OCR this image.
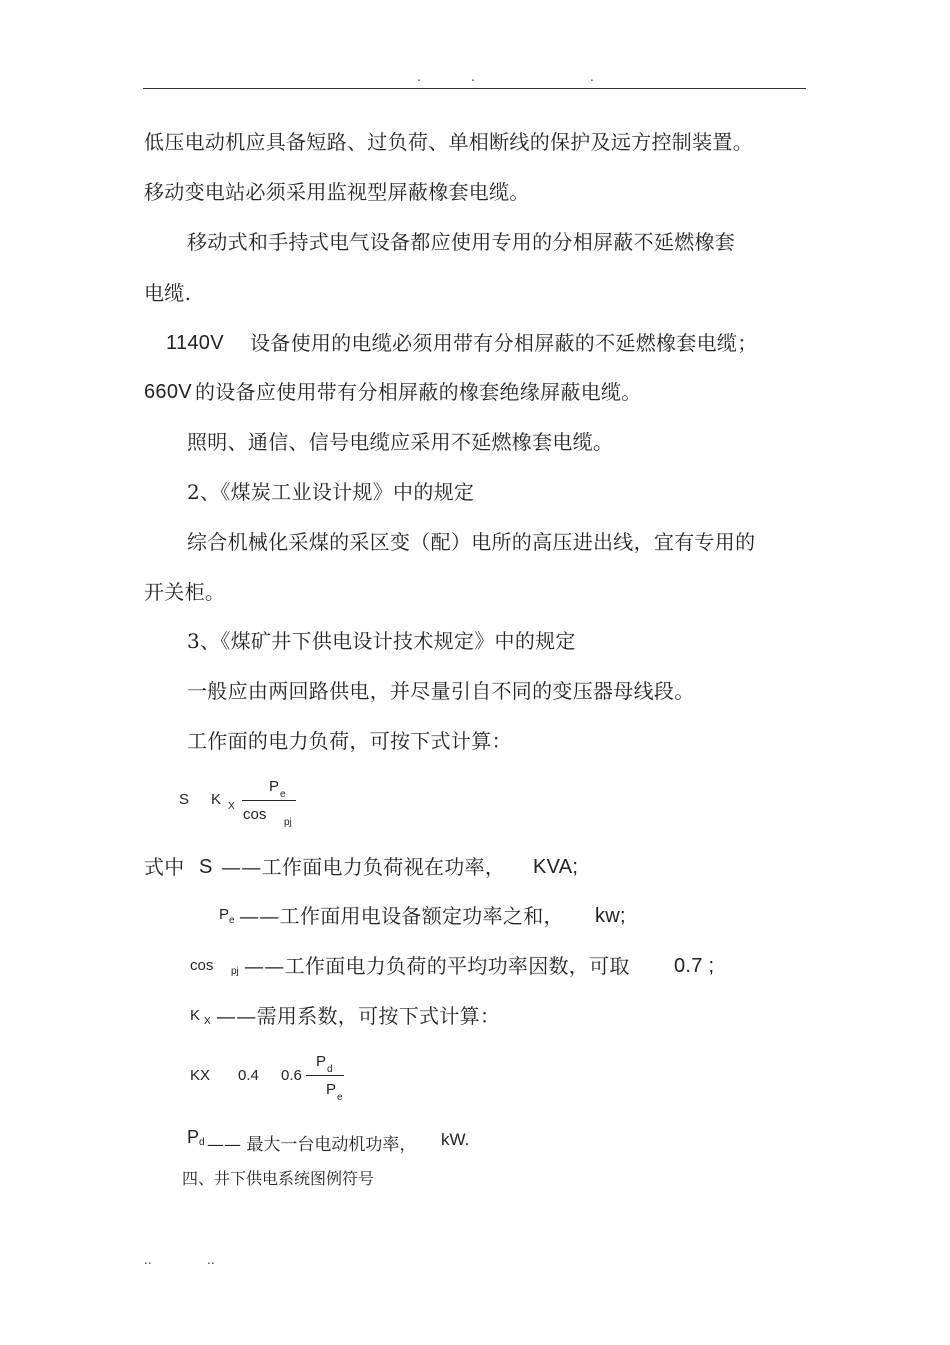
.	.	.
低压电动机应具备短路、过负荷、单相断线的保护及远方控制装置。
移动变电站必须采用监视型屏蔽橡套电缆。
移动式和手持式电气设备都应使用专用的分相屏蔽不延燃橡套
电缆.
1140V 设备使用的电缆必须用带有分相屏蔽的不延燃橡套电缆；
660V 的设备应使用带有分相屏蔽的橡套绝缘屏蔽电缆。
照明、通信、信号电缆应采用不延燃橡套电缆。
2、《煤炭工业设计规》中的规定
综合机械化采煤的采区变（配）电所的高压进出线，宜有专用的
开关柜。
3、《煤矿井下供电设计技术规定》中的规定
一般应由两回路供电，并尽量引自不同的变压器母线段。
工作面的电力负荷，可按下式计算：
S K X
P e
cos pj
式中 S ——工作面电力负荷视在功率， KVA;
P e ——工作面用电设备额定功率之和， kw;
cos pj ——工作面电力负荷的平均功率因数，可取 0.7 ;
K X ——需用系数，可按下式计算：
KX 0.4 0.6
P d
P e
P d —— 最大一台电动机功率， kW.
四、井下供电系统图例符号
..	..
